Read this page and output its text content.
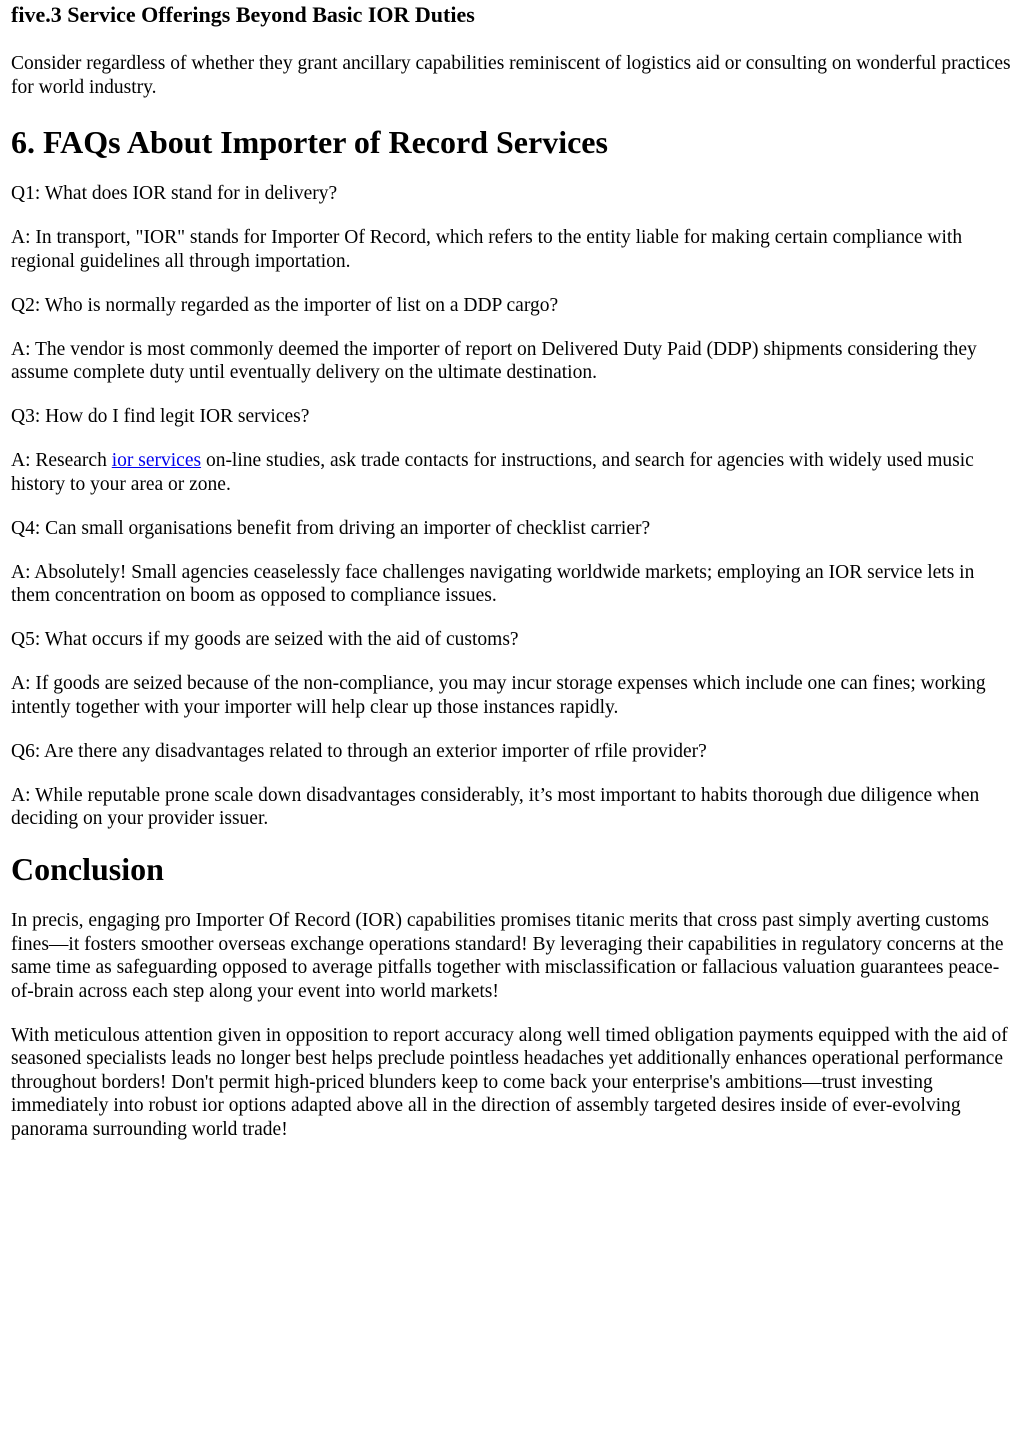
five.3 Service Offerings Beyond Basic IOR Duties

Consider regardless of whether they grant ancillary capabilities reminiscent of logistics aid or consulting on wonderful practices for world industry.

6. FAQs About Importer of Record Services

Q1: What does IOR stand for in delivery?

A: In transport, "IOR" stands for Importer Of Record, which refers to the entity liable for making certain compliance with regional guidelines all through importation.

Q2: Who is normally regarded as the importer of list on a DDP cargo?

A: The vendor is most commonly deemed the importer of report on Delivered Duty Paid (DDP) shipments considering they assume complete duty until eventually delivery on the ultimate destination.

Q3: How do I find legit IOR services?

A: Research ior services on-line studies, ask trade contacts for instructions, and search for agencies with widely used music history to your area or zone.

Q4: Can small organisations benefit from driving an importer of checklist carrier?

A: Absolutely! Small agencies ceaselessly face challenges navigating worldwide markets; employing an IOR service lets in them concentration on boom as opposed to compliance issues.

Q5: What occurs if my goods are seized with the aid of customs?

A: If goods are seized because of the non-compliance, you may incur storage expenses which include one can fines; working intently together with your importer will help clear up those instances rapidly.

Q6: Are there any disadvantages related to through an exterior importer of rfile provider?

A: While reputable prone scale down disadvantages considerably, it’s most important to habits thorough due diligence when deciding on your provider issuer.

Conclusion

In precis, engaging pro Importer Of Record (IOR) capabilities promises titanic merits that cross past simply averting customs fines—it fosters smoother overseas exchange operations standard! By leveraging their capabilities in regulatory concerns at the same time as safeguarding opposed to average pitfalls together with misclassification or fallacious valuation guarantees peace-of-brain across each step along your event into world markets!

With meticulous attention given in opposition to report accuracy along well timed obligation payments equipped with the aid of seasoned specialists leads no longer best helps preclude pointless headaches yet additionally enhances operational performance throughout borders! Don't permit high-priced blunders keep to come back your enterprise's ambitions—trust investing immediately into robust ior options adapted above all in the direction of assembly targeted desires inside of ever-evolving panorama surrounding world trade!
